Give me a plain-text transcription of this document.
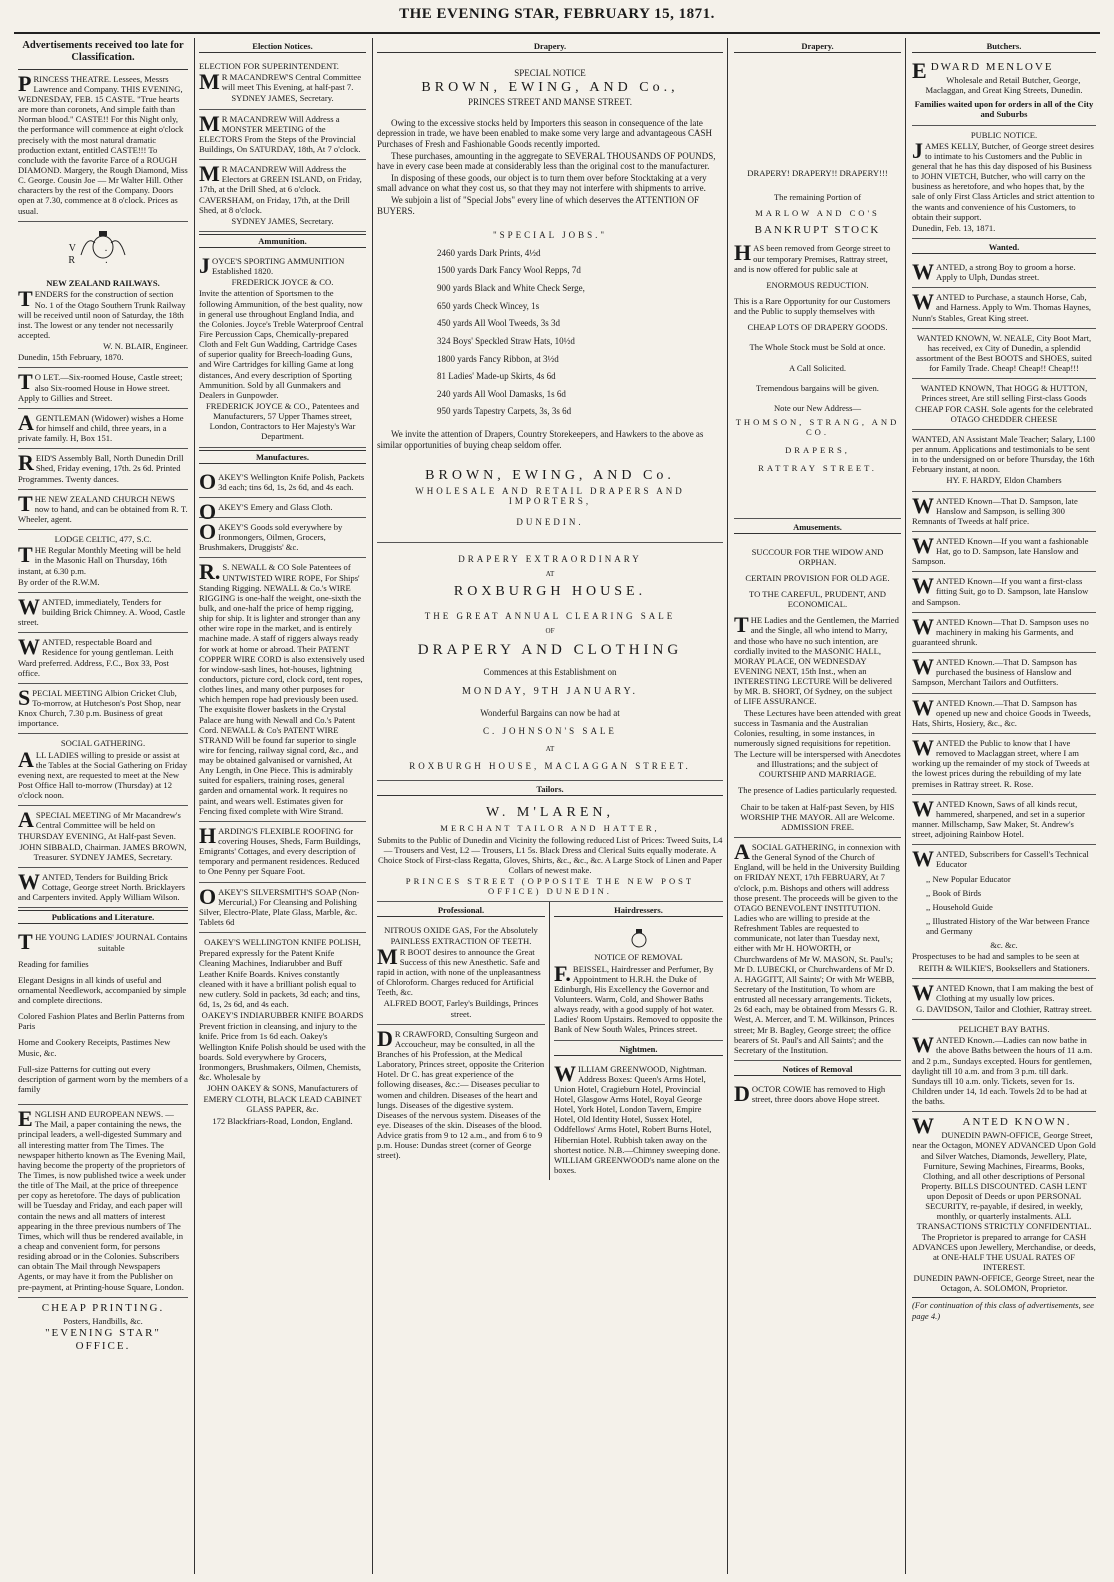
THE EVENING STAR, FEBRUARY 15, 1871.
Advertisements received too late for Classification.

PRINCESS THEATRE. Lessees, Messrs Lawrence and Company. THIS EVENING, WEDNESDAY, FEB. 15 CASTE. "True hearts are more than coronets, And simple faith than Norman blood." CASTE!! For this Night only, the performance will commence at eight o'clock precisely with the most natural dramatic production extant, entitled CASTE!!! To conclude with the favorite Farce of a ROUGH DIAMOND. Margery, the Rough Diamond, Miss C. George. Cousin Joe — Mr Walter Hill. Other characters by the rest of the Company. Doors open at 7.30, commence at 8 o'clock. Prices as usual.

V. R.
NEW ZEALAND RAILWAYS.

TENDERS for the construction of section No. 1 of the Otago Southern Trunk Railway will be received until noon of Saturday, the 18th inst. The lowest or any tender not necessarily accepted.

W. N. BLAIR, Engineer.

Dunedin, 15th February, 1870.

TO LET.—Six-roomed House, Castle street; also Six-roomed House in Howe street. Apply to Gillies and Street.

AGENTLEMAN (Widower) wishes a Home for himself and child, three years, in a private family. H, Box 151.

REID'S Assembly Ball, North Dunedin Drill Shed, Friday evening, 17th. 2s 6d. Printed Programmes. Twenty dances.

THE NEW ZEALAND CHURCH NEWS now to hand, and can be obtained from R. T. Wheeler, agent.

LODGE CELTIC, 477, S.C.

THE Regular Monthly Meeting will be held in the Masonic Hall on Thursday, 16th instant, at 6.30 p.m.

By order of the R.W.M.

WANTED, immediately, Tenders for building Brick Chimney. A. Wood, Castle street.

WANTED, respectable Board and Residence for young gentleman. Leith Ward preferred. Address, F.C., Box 33, Post office.

SPECIAL MEETING Albion Cricket Club, To-morrow, at Hutcheson's Post Shop, near Knox Church, 7.30 p.m. Business of great importance.

SOCIAL GATHERING.

ALL LADIES willing to preside or assist at the Tables at the Social Gathering on Friday evening next, are requested to meet at the New Post Office Hall to-morrow (Thursday) at 12 o'clock noon.

ASPECIAL MEETING of Mr Macandrew's Central Committee will be held on THURSDAY EVENING, At Half-past Seven.

JOHN SIBBALD, Chairman. JAMES BROWN, Treasurer. SYDNEY JAMES, Secretary.

WANTED, Tenders for Building Brick Cottage, George street North. Bricklayers and Carpenters invited. Apply William Wilson.

Publications and Literature.

THE YOUNG LADIES' JOURNAL Contains suitable

Reading for families

Elegant Designs in all kinds of useful and ornamental Needlework, accompanied by simple and complete directions.

Colored Fashion Plates and Berlin Patterns from Paris

Home and Cookery Receipts, Pastimes New Music, &c.

Full-size Patterns for cutting out every description of garment worn by the members of a family

ENGLISH AND EUROPEAN NEWS. — The Mail, a paper containing the news, the principal leaders, a well-digested Summary and all interesting matter from The Times. The newspaper hitherto known as The Evening Mail, having become the property of the proprietors of The Times, is now published twice a week under the title of The Mail, at the price of threepence per copy as heretofore. The days of publication will be Tuesday and Friday, and each paper will contain the news and all matters of interest appearing in the three previous numbers of The Times, which will thus be rendered available, in a cheap and convenient form, for persons residing abroad or in the Colonies. Subscribers can obtain The Mail through Newspapers Agents, or may have it from the Publisher on pre-payment, at Printing-house Square, London.

CHEAP PRINTING.

Posters, Handbills, &c.

"EVENING STAR" OFFICE.

Election Notices.

ELECTION FOR SUPERINTENDENT.

MR MACANDREW'S Central Committee will meet This Evening, at half-past 7.

SYDNEY JAMES, Secretary.

MR MACANDREW Will Address a MONSTER MEETING of the ELECTORS From the Steps of the Provincial Buildings, On SATURDAY, 18th, At 7 o'clock.

MR MACANDREW Will Address the Electors at GREEN ISLAND, on Friday, 17th, at the Drill Shed, at 6 o'clock. CAVERSHAM, on Friday, 17th, at the Drill Shed, at 8 o'clock.

SYDNEY JAMES, Secretary.

Ammunition.

JOYCE'S SPORTING AMMUNITION Established 1820.

FREDERICK JOYCE & CO.

Invite the attention of Sportsmen to the following Ammunition, of the best quality, now in general use throughout England India, and the Colonies. Joyce's Treble Waterproof Central Fire Percussion Caps, Chemically-prepared Cloth and Felt Gun Wadding, Cartridge Cases of superior quality for Breech-loading Guns, and Wire Cartridges for killing Game at long distances, And every description of Sporting Ammunition. Sold by all Gunmakers and Dealers in Gunpowder.

FREDERICK JOYCE & CO., Patentees and Manufacturers, 57 Upper Thames street, London, Contractors to Her Majesty's War Department.

Manufactures.

OAKEY'S Wellington Knife Polish, Packets 3d each; tins 6d, 1s, 2s 6d, and 4s each.

OAKEY'S Emery and Glass Cloth.

OAKEY'S Goods sold everywhere by Ironmongers, Oilmen, Grocers, Brushmakers, Druggists' &c.

R.S. NEWALL & CO Sole Patentees of UNTWISTED WIRE ROPE, For Ships' Standing Rigging. NEWALL & Co.'s WIRE RIGGING is one-half the weight, one-sixth the bulk, and one-half the price of hemp rigging, ship for ship. It is lighter and stronger than any other wire rope in the market, and is entirely machine made. A staff of riggers always ready for work at home or abroad. Their PATENT COPPER WIRE CORD is also extensively used for window-sash lines, hot-houses, lightning conductors, picture cord, clock cord, tent ropes, clothes lines, and many other purposes for which hempen rope had previously been used. The exquisite flower baskets in the Crystal Palace are hung with Newall and Co.'s Patent Cord. NEWALL & Co's PATENT WIRE STRAND Will be found far superior to single wire for fencing, railway signal cord, &c., and may be obtained galvanised or varnished, At Any Length, in One Piece. This is admirably suited for espaliers, training roses, general garden and ornamental work. It requires no paint, and wears well. Estimates given for Fencing fixed complete with Wire Strand.

HARDING'S FLEXIBLE ROOFING for covering Houses, Sheds, Farm Buildings, Emigrants' Cottages, and every description of temporary and permanent residences. Reduced to One Penny per Square Foot.

OAKEY'S SILVERSMITH'S SOAP (Non-Mercurial,) For Cleansing and Polishing Silver, Electro-Plate, Plate Glass, Marble, &c. Tablets 6d

OAKEY'S WELLINGTON KNIFE POLISH,

Prepared expressly for the Patent Knife Cleaning Machines, Indiarubber and Buff Leather Knife Boards. Knives constantly cleaned with it have a brilliant polish equal to new cutlery. Sold in packets, 3d each; and tins, 6d, 1s, 2s 6d, and 4s each.

OAKEY'S INDIARUBBER KNIFE BOARDS

Prevent friction in cleansing, and injury to the knife. Price from 1s 6d each. Oakey's Wellington Knife Polish should be used with the boards. Sold everywhere by Grocers, Ironmongers, Brushmakers, Oilmen, Chemists, &c. Wholesale by

JOHN OAKEY & SONS, Manufacturers of

EMERY CLOTH, BLACK LEAD CABINET GLASS PAPER, &c.

172 Blackfriars-Road, London, England.

Drapery.

SPECIAL NOTICE

BROWN, EWING, AND Co.,

PRINCES STREET AND MANSE STREET.

Owing to the excessive stocks held by Importers this season in consequence of the late depression in trade, we have been enabled to make some very large and advantageous CASH Purchases of Fresh and Fashionable Goods recently imported.

These purchases, amounting in the aggregate to SEVERAL THOUSANDS OF POUNDS, have in every case been made at considerably less than the original cost to the manufacturer.

In disposing of these goods, our object is to turn them over before Stocktaking at a very small advance on what they cost us, so that they may not interfere with shipments to arrive.

We subjoin a list of "Special Jobs" every line of which deserves the ATTENTION OF BUYERS.

"SPECIAL JOBS."

2460 yards Dark Prints, 4½d
1500 yards Dark Fancy Wool Repps, 7d
900 yards Black and White Check Serge,
650 yards Check Wincey, 1s
450 yards All Wool Tweeds, 3s 3d
324 Boys' Speckled Straw Hats, 10½d
1800 yards Fancy Ribbon, at 3½d
81 Ladies' Made-up Skirts, 4s 6d
240 yards All Wool Damasks, 1s 6d
950 yards Tapestry Carpets, 3s, 3s 6d

We invite the attention of Drapers, Country Storekeepers, and Hawkers to the above as similar opportunities of buying cheap seldom offer.

BROWN, EWING, AND Co.

WHOLESALE AND RETAIL DRAPERS AND IMPORTERS,

DUNEDIN.

DRAPERY EXTRAORDINARY

AT

ROXBURGH HOUSE.

THE GREAT ANNUAL CLEARING SALE

OF

DRAPERY AND CLOTHING

Commences at this Establishment on

MONDAY, 9TH JANUARY.

Wonderful Bargains can now be had at

C. JOHNSON'S SALE

AT

ROXBURGH HOUSE, MACLAGGAN STREET.

Tailors.

W. M'LAREN,

MERCHANT TAILOR AND HATTER,

Submits to the Public of Dunedin and Vicinity the following reduced List of Prices: Tweed Suits, L4 — Trousers and Vest, L2 — Trousers, L1 5s. Black Dress and Clerical Suits equally moderate. A Choice Stock of First-class Regatta, Gloves, Shirts, &c., &c., &c. A Large Stock of Linen and Paper Collars of newest make.

PRINCES STREET (OPPOSITE THE NEW POST OFFICE) DUNEDIN.

Professional.

NITROUS OXIDE GAS, For the Absolutely PAINLESS EXTRACTION OF TEETH.

MR BOOT desires to announce the Great Success of this new Anesthetic. Safe and rapid in action, with none of the unpleasantness of Chloroform. Charges reduced for Artificial Teeth, &c.

ALFRED BOOT, Farley's Buildings, Princes street.

DR CRAWFORD, Consulting Surgeon and Accoucheur, may be consulted, in all the Branches of his Profession, at the Medical Laboratory, Princes street, opposite the Criterion Hotel. Dr C. has great experience of the following diseases, &c.:— Diseases peculiar to women and children. Diseases of the heart and lungs. Diseases of the digestive system. Diseases of the nervous system. Diseases of the eye. Diseases of the skin. Diseases of the blood. Advice gratis from 9 to 12 a.m., and from 6 to 9 p.m. House: Dundas street (corner of George street).

Hairdressers.

NOTICE OF REMOVAL

F.BEISSEL, Hairdresser and Perfumer, By Appointment to H.R.H. the Duke of Edinburgh, His Excellency the Governor and Volunteers. Warm, Cold, and Shower Baths always ready, with a good supply of hot water. Ladies' Room Upstairs. Removed to opposite the Bank of New South Wales, Princes street.

Nightmen.

WILLIAM GREENWOOD, Nightman. Address Boxes: Queen's Arms Hotel, Union Hotel, Cragieburn Hotel, Provincial Hotel, Glasgow Arms Hotel, Royal George Hotel, York Hotel, London Tavern, Empire Hotel, Old Identity Hotel, Sussex Hotel, Oddfellows' Arms Hotel, Robert Burns Hotel, Hibernian Hotel. Rubbish taken away on the shortest notice. N.B.—Chimney sweeping done. WILLIAM GREENWOOD's name alone on the boxes.

Drapery.

DRAPERY! DRAPERY!! DRAPERY!!!

The remaining Portion of

MARLOW AND CO'S

BANKRUPT STOCK

HAS been removed from George street to our temporary Premises, Rattray street, and is now offered for public sale at

ENORMOUS REDUCTION.

This is a Rare Opportunity for our Customers and the Public to supply themselves with

CHEAP LOTS OF DRAPERY GOODS.

The Whole Stock must be Sold at once.

A Call Solicited.

Tremendous bargains will be given.

Note our New Address—

THOMSON, STRANG, AND CO.

DRAPERS,

RATTRAY STREET.

Amusements.

SUCCOUR FOR THE WIDOW AND ORPHAN.

CERTAIN PROVISION FOR OLD AGE.

TO THE CAREFUL, PRUDENT, AND ECONOMICAL.

THE Ladies and the Gentlemen, the Married and the Single, all who intend to Marry, and those who have no such intention, are cordially invited to the MASONIC HALL, MORAY PLACE, ON WEDNESDAY EVENING NEXT, 15th Inst., when an INTERESTING LECTURE Will be delivered by MR. B. SHORT, Of Sydney, on the subject of LIFE ASSURANCE.

These Lectures have been attended with great success in Tasmania and the Australian Colonies, resulting, in some instances, in numerously signed requisitions for repetition.

The Lecture will be interspersed with Anecdotes and Illustrations; and the subject of COURTSHIP AND MARRIAGE.

The presence of Ladies particularly requested.

Chair to be taken at Half-past Seven, by HIS WORSHIP THE MAYOR. All are Welcome. ADMISSION FREE.

ASOCIAL GATHERING, in connexion with the General Synod of the Church of England, will be held in the University Building on FRIDAY NEXT, 17th FEBRUARY, At 7 o'clock, p.m. Bishops and others will address those present. The proceeds will be given to the OTAGO BENEVOLENT INSTITUTION. Ladies who are willing to preside at the Refreshment Tables are requested to communicate, not later than Tuesday next, either with Mr H. HOWORTH, or Churchwardens of Mr W. MASON, St. Paul's; Mr D. LUBECKI, or Churchwardens of Mr D. A. HAGGITT, All Saints'; Or with Mr WEBB, Secretary of the Institution, To whom are entrusted all necessary arrangements. Tickets, 2s 6d each, may be obtained from Messrs G. R. West, A. Mercer, and T. M. Wilkinson, Princes street; Mr B. Bagley, George street; the office bearers of St. Paul's and All Saints'; and the Secretary of the Institution.

Notices of Removal

DOCTOR COWIE has removed to High street, three doors above Hope street.

Butchers.

EDWARD MENLOVE

Wholesale and Retail Butcher, George, Maclaggan, and Great King Streets, Dunedin.

Families waited upon for orders in all of the City and Suburbs

PUBLIC NOTICE.

JAMES KELLY, Butcher, of George street desires to intimate to his Customers and the Public in general that he has this day disposed of his Business to JOHN VIETCH, Butcher, who will carry on the business as heretofore, and who hopes that, by the sale of only First Class Articles and strict attention to the wants and convenience of his Customers, to obtain their support.

Dunedin, Feb. 13, 1871.

Wanted.

WANTED, a strong Boy to groom a horse. Apply to Ulph, Dundas street.

WANTED to Purchase, a staunch Horse, Cab, and Harness. Apply to Wm. Thomas Haynes, Nunn's Stables, Great King street.

WANTED KNOWN, W. NEALE, City Boot Mart, has received, ex City of Dunedin, a splendid assortment of the Best BOOTS and SHOES, suited for Family Trade. Cheap! Cheap!! Cheap!!!

WANTED KNOWN, That HOGG & HUTTON, Princes street, Are still selling First-class Goods CHEAP FOR CASH. Sole agents for the celebrated OTAGO CHEDDER CHEESE

WANTED, AN Assistant Male Teacher; Salary, L100 per annum. Applications and testimonials to be sent in to the undersigned on or before Thursday, the 16th February instant, at noon.

HY. F. HARDY, Eldon Chambers

WANTED Known—That D. Sampson, late Hanslow and Sampson, is selling 300 Remnants of Tweeds at half price.

WANTED Known—If you want a fashionable Hat, go to D. Sampson, late Hanslow and Sampson.

WANTED Known—If you want a first-class fitting Suit, go to D. Sampson, late Hanslow and Sampson.

WANTED Known—That D. Sampson uses no machinery in making his Garments, and guaranteed shrunk.

WANTED Known.—That D. Sampson has purchased the business of Hanslow and Sampson, Merchant Tailors and Outfitters.

WANTED Known.—That D. Sampson has opened up new and choice Goods in Tweeds, Hats, Shirts, Hosiery, &c., &c.

WANTED the Public to know that I have removed to Maclaggan street, where I am working up the remainder of my stock of Tweeds at the lowest prices during the rebuilding of my late premises in Rattray street. R. Rose.

WANTED Known, Saws of all kinds recut, hammered, sharpened, and set in a superior manner. Millschamp, Saw Maker, St. Andrew's street, adjoining Rainbow Hotel.

WANTED, Subscribers for Cassell's Technical Educator

,, New Popular Educator

,, Book of Birds

,, Household Guide

,, Illustrated History of the War between France and Germany

&c. &c.

Prospectuses to be had and samples to be seen at

REITH & WILKIE'S, Booksellers and Stationers.

WANTED Known, that I am making the best of Clothing at my usually low prices.

G. DAVIDSON, Tailor and Clothier, Rattray street.

PELICHET BAY BATHS.

WANTED Known.—Ladies can now bathe in the above Baths between the hours of 11 a.m. and 2 p.m., Sundays excepted. Hours for gentlemen, daylight till 10 a.m. and from 3 p.m. till dark. Sundays till 10 a.m. only. Tickets, seven for 1s. Children under 14, 1d each. Towels 2d to be had at the baths.

WANTED KNOWN.

DUNEDIN PAWN-OFFICE, George Street, near the Octagon, MONEY ADVANCED Upon Gold and Silver Watches, Diamonds, Jewellery, Plate, Furniture, Sewing Machines, Firearms, Books, Clothing, and all other descriptions of Personal Property. BILLS DISCOUNTED. CASH LENT upon Deposit of Deeds or upon PERSONAL SECURITY, re-payable, if desired, in weekly, monthly, or quarterly instalments. ALL TRANSACTIONS STRICTLY CONFIDENTIAL. The Proprietor is prepared to arrange for CASH ADVANCES upon Jewellery, Merchandise, or deeds, at ONE-HALF THE USUAL RATES OF INTEREST.

DUNEDIN PAWN-OFFICE, George Street, near the Octagon, A. SOLOMON, Proprietor.

(For continuation of this class of advertisements, see page 4.)
